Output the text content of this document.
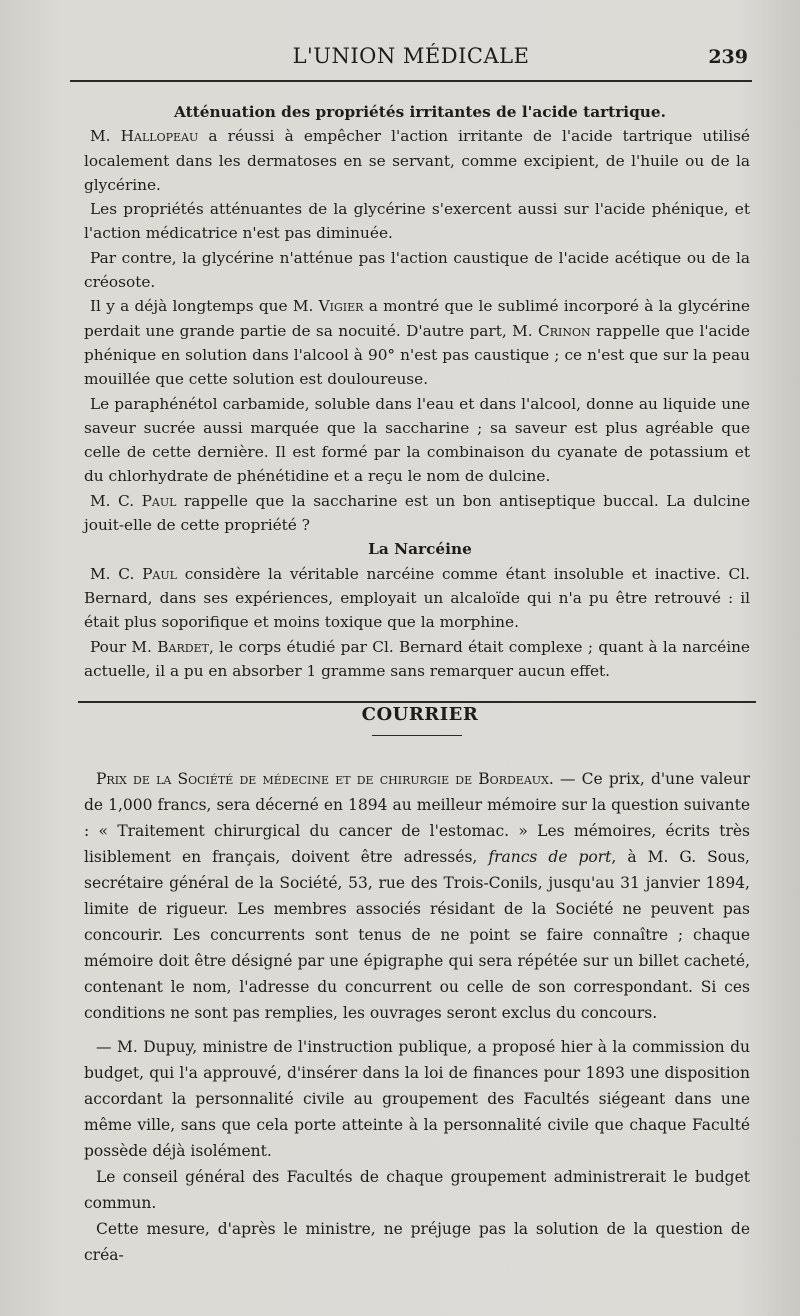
L'UNION MÉDICALE	239

Atténuation des propriétés irritantes de l'acide tartrique.

M. Hallopeau a réussi à empêcher l'action irritante de l'acide tartrique utilisé localement dans les dermatoses en se servant, comme excipient, de l'huile ou de la glycérine.

Les propriétés atténuantes de la glycérine s'exercent aussi sur l'acide phénique, et l'action médicatrice n'est pas diminuée.

Par contre, la glycérine n'atténue pas l'action caustique de l'acide acétique ou de la créosote.

Il y a déjà longtemps que M. Vigier a montré que le sublimé incorporé à la glycérine perdait une grande partie de sa nocuité. D'autre part, M. Crinon rappelle que l'acide phénique en solution dans l'alcool à 90° n'est pas caustique ; ce n'est que sur la peau mouillée que cette solution est douloureuse.

Le paraphénétol carbamide, soluble dans l'eau et dans l'alcool, donne au liquide une saveur sucrée aussi marquée que la saccharine ; sa saveur est plus agréable que celle de cette dernière. Il est formé par la combinaison du cyanate de potassium et du chlorhydrate de phénétidine et a reçu le nom de dulcine.

M. C. Paul rappelle que la saccharine est un bon antiseptique buccal. La dulcine jouit-elle de cette propriété ?

La Narcéine

M. C. Paul considère la véritable narcéine comme étant insoluble et inactive. Cl. Bernard, dans ses expériences, employait un alcaloïde qui n'a pu être retrouvé : il était plus soporifique et moins toxique que la morphine.

Pour M. Bardet, le corps étudié par Cl. Bernard était complexe ; quant à la narcéine actuelle, il a pu en absorber 1 gramme sans remarquer aucun effet.

COURRIER

Prix de la Société de médecine et de chirurgie de Bordeaux. — Ce prix, d'une valeur de 1,000 francs, sera décerné en 1894 au meilleur mémoire sur la question suivante : « Traitement chirurgical du cancer de l'estomac. » Les mémoires, écrits très lisiblement en français, doivent être adressés, francs de port, à M. G. Sous, secrétaire général de la Société, 53, rue des Trois-Conils, jusqu'au 31 janvier 1894, limite de rigueur. Les membres associés résidant de la Société ne peuvent pas concourir. Les concurrents sont tenus de ne point se faire connaître ; chaque mémoire doit être désigné par une épigraphe qui sera répétée sur un billet cacheté, contenant le nom, l'adresse du concurrent ou celle de son correspondant. Si ces conditions ne sont pas remplies, les ouvrages seront exclus du concours.

— M. Dupuy, ministre de l'instruction publique, a proposé hier à la commission du budget, qui l'a approuvé, d'insérer dans la loi de finances pour 1893 une disposition accordant la personnalité civile au groupement des Facultés siégeant dans une même ville, sans que cela porte atteinte à la personnalité civile que chaque Faculté possède déjà isolément.

Le conseil général des Facultés de chaque groupement administrerait le budget commun.

Cette mesure, d'après le ministre, ne préjuge pas la solution de la question de créa-
